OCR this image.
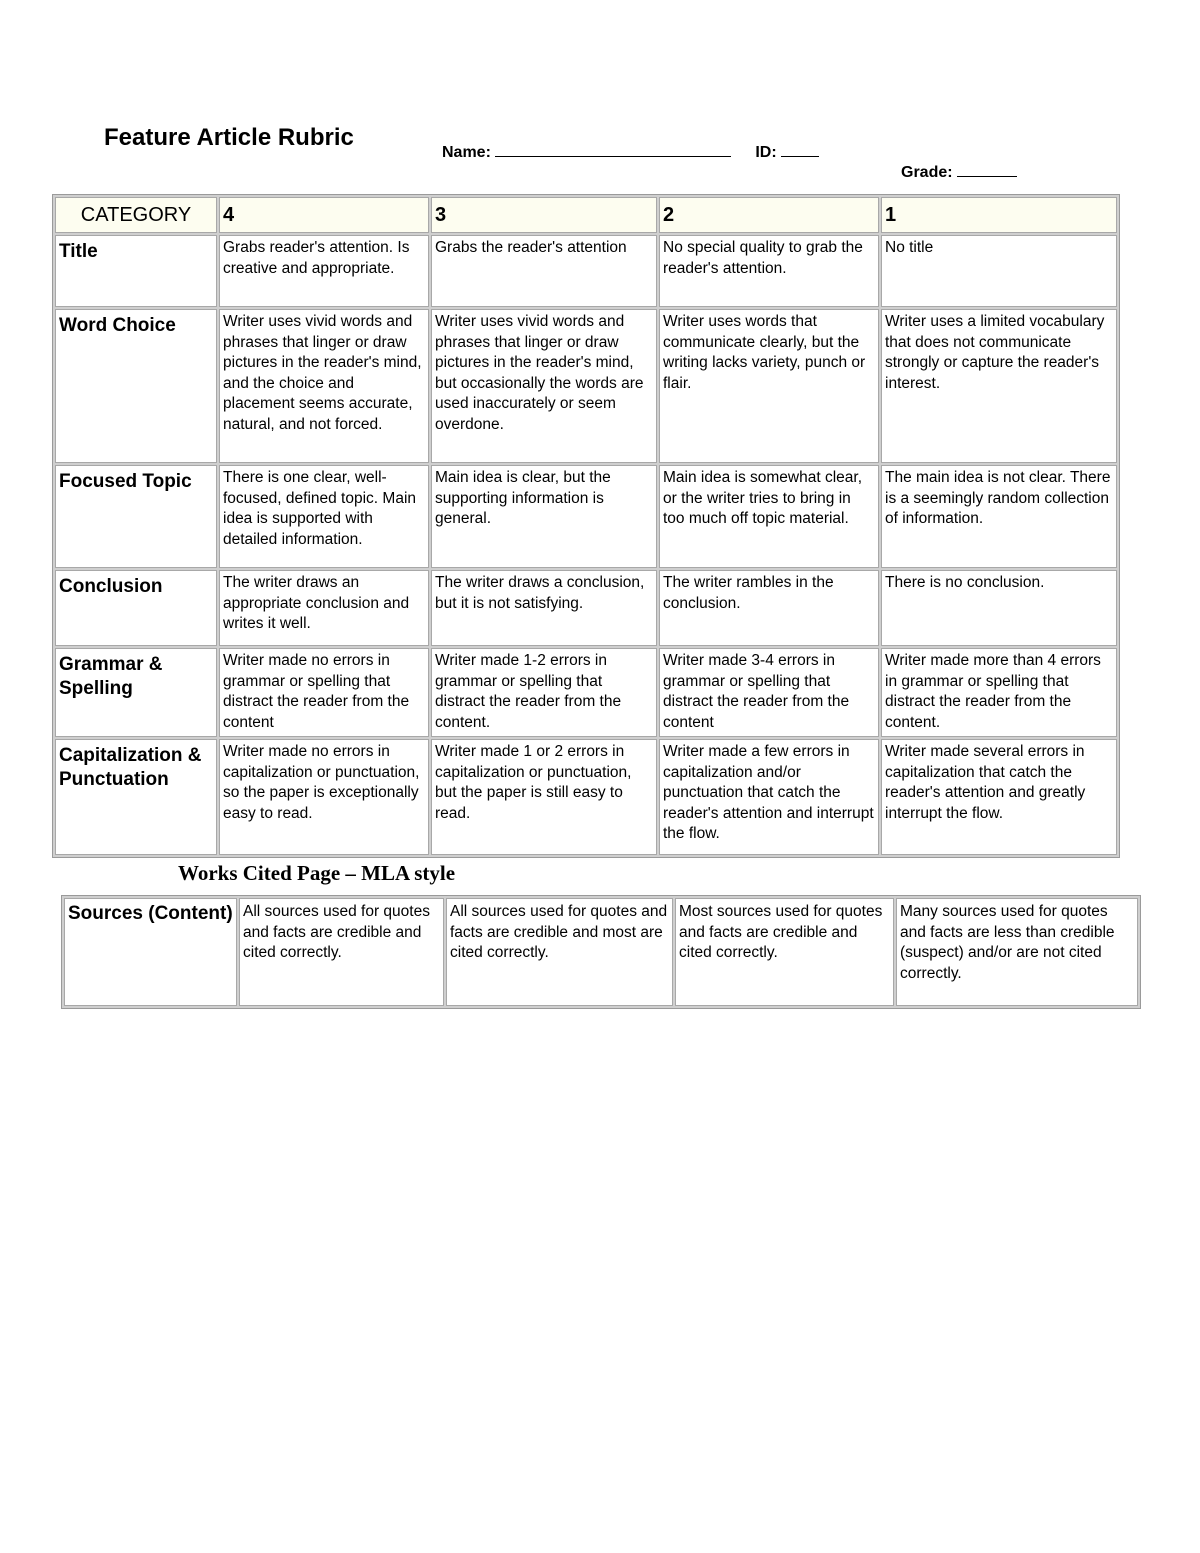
Feature Article Rubric
Name:	ID:
Grade:
CATEGORY	4	3	2	1
Title	Grabs reader's attention. Is creative and appropriate.	Grabs the reader's attention	No special quality to grab the reader's attention.	No title
Word Choice	Writer uses vivid words and phrases that linger or draw pictures in the reader's mind, and the choice and placement seems accurate, natural, and not forced.	Writer uses vivid words and phrases that linger or draw pictures in the reader's mind, but occasionally the words are used inaccurately or seem overdone.	Writer uses words that communicate clearly, but the writing lacks variety, punch or flair.	Writer uses a limited vocabulary that does not communicate strongly or capture the reader's interest.
Focused Topic	There is one clear, well-focused, defined topic. Main idea is supported with detailed information.	Main idea is clear, but the supporting information is general.	Main idea is somewhat clear, or the writer tries to bring in too much off topic material.	The main idea is not clear. There is a seemingly random collection of information.
Conclusion	The writer draws an appropriate conclusion and writes it well.	The writer draws a conclusion, but it is not satisfying.	The writer rambles in the conclusion.	There is no conclusion.
Grammar & Spelling	Writer made no errors in grammar or spelling that distract the reader from the content	Writer made 1-2 errors in grammar or spelling that distract the reader from the content.	Writer made 3-4 errors in grammar or spelling that distract the reader from the content	Writer made more than 4 errors in grammar or spelling that distract the reader from the content.
Capitalization & Punctuation	Writer made no errors in capitalization or punctuation, so the paper is exceptionally easy to read.	Writer made 1 or 2 errors in capitalization or punctuation, but the paper is still easy to read.	Writer made a few errors in capitalization and/or punctuation that catch the reader's attention and interrupt the flow.	Writer made several errors in capitalization that catch the reader's attention and greatly interrupt the flow.
Works Cited Page – MLA style
Sources (Content)	All sources used for quotes and facts are credible and cited correctly.	All sources used for quotes and facts are credible and most are cited correctly.	Most sources used for quotes and facts are credible and cited correctly.	Many sources used for quotes and facts are less than credible (suspect) and/or are not cited correctly.
